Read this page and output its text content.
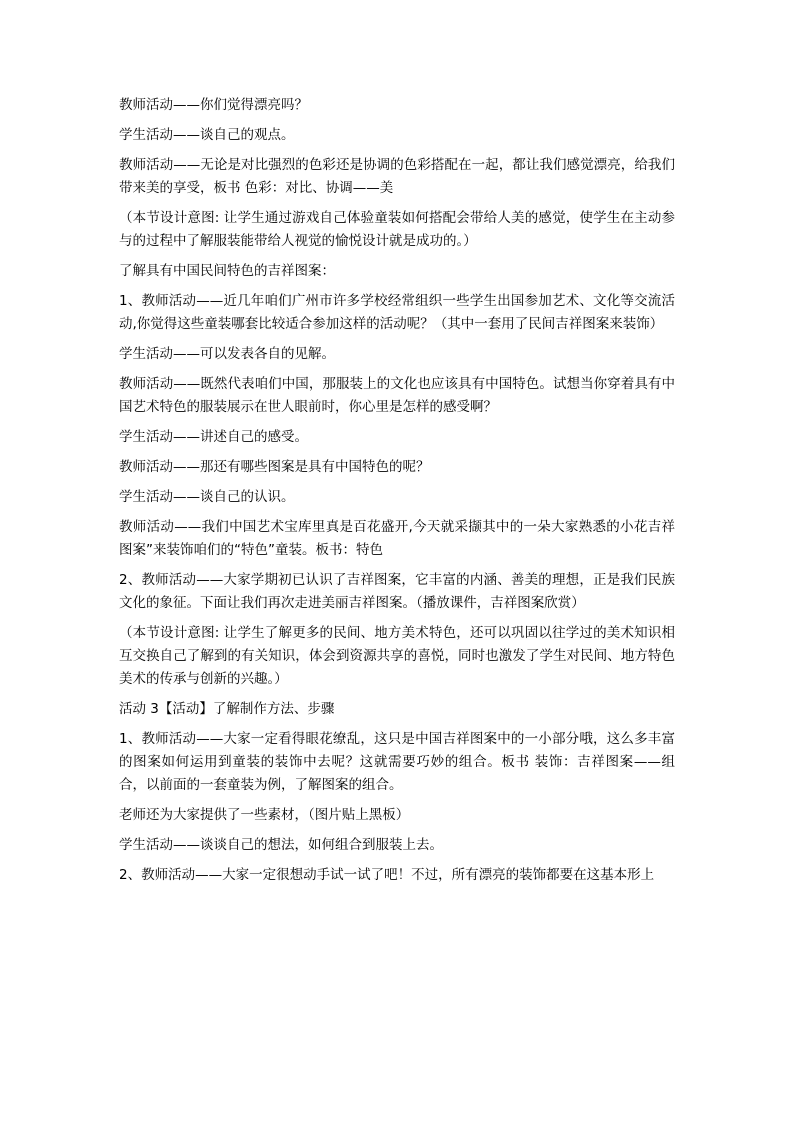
教师活动——你们觉得漂亮吗？

学生活动——谈自己的观点。

教师活动——无论是对比强烈的色彩还是协调的色彩搭配在一起，都让我们感觉漂亮，给我们带来美的享受，板书 色彩：对比、协调——美

（本节设计意图: 让学生通过游戏自己体验童装如何搭配会带给人美的感觉，使学生在主动参与的过程中了解服装能带给人视觉的愉悦设计就是成功的。）

了解具有中国民间特色的吉祥图案：

1、教师活动——近几年咱们广州市许多学校经常组织一些学生出国参加艺术、文化等交流活动,你觉得这些童装哪套比较适合参加这样的活动呢？（其中一套用了民间吉祥图案来装饰）

学生活动——可以发表各自的见解。

教师活动——既然代表咱们中国，那服装上的文化也应该具有中国特色。试想当你穿着具有中国艺术特色的服装展示在世人眼前时，你心里是怎样的感受啊？

学生活动——讲述自己的感受。

教师活动——那还有哪些图案是具有中国特色的呢？

学生活动——谈自己的认识。

教师活动——我们中国艺术宝库里真是百花盛开,今天就采撷其中的一朵大家熟悉的小花吉祥图案”来装饰咱们的“特色”童装。板书：特色

2、教师活动——大家学期初已认识了吉祥图案，它丰富的内涵、善美的理想，正是我们民族文化的象征。下面让我们再次走进美丽吉祥图案。（播放课件，吉祥图案欣赏）

（本节设计意图: 让学生了解更多的民间、地方美术特色，还可以巩固以往学过的美术知识相互交换自己了解到的有关知识，体会到资源共享的喜悦，同时也激发了学生对民间、地方特色美术的传承与创新的兴趣。）

活动 3【活动】了解制作方法、步骤

1、教师活动——大家一定看得眼花缭乱，这只是中国吉祥图案中的一小部分哦，这么多丰富的图案如何运用到童装的装饰中去呢？这就需要巧妙的组合。板书 装饰：吉祥图案——组合，以前面的一套童装为例，了解图案的组合。

老师还为大家提供了一些素材，（图片贴上黑板）

学生活动——谈谈自己的想法，如何组合到服装上去。

2、教师活动——大家一定很想动手试一试了吧！不过，所有漂亮的装饰都要在这基本形上
